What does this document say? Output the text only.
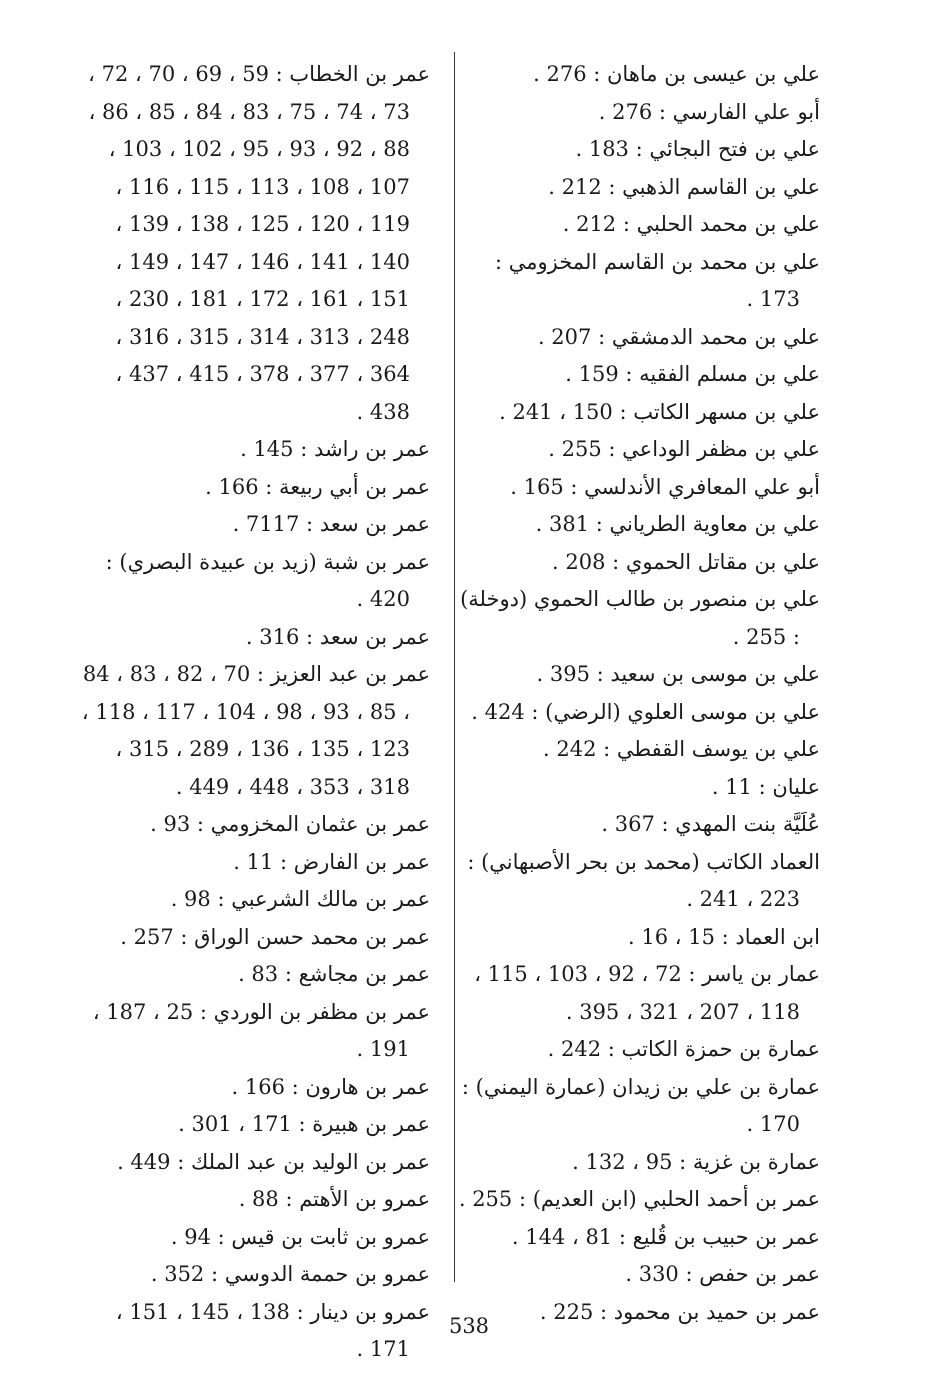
علي بن عيسى بن ماهان : 276 .
أبو علي الفارسي : 276 .
علي بن فتح البجائي : 183 .
علي بن القاسم الذهبي : 212 .
علي بن محمد الحلبي : 212 .
علي بن محمد بن القاسم المخزومي : 173 .
علي بن محمد الدمشقي : 207 .
علي بن مسلم الفقيه : 159 .
علي بن مسهر الكاتب : 150 ، 241 .
علي بن مظفر الوداعي : 255 .
أبو علي المعافري الأندلسي : 165 .
علي بن معاوية الطرياني : 381 .
علي بن مقاتل الحموي : 208 .
علي بن منصور بن طالب الحموي (دوخلة) : 255 .
علي بن موسى بن سعيد : 395 .
علي بن موسى العلوي (الرضي) : 424 .
علي بن يوسف القفطي : 242 .
عليان : 11 .
عُلَيَّة بنت المهدي : 367 .
العماد الكاتب (محمد بن بحر الأصبهاني) : 223 ، 241 .
ابن العماد : 15 ، 16 .
عمار بن ياسر : 72 ، 92 ، 103 ، 115 ، 118 ، 207 ، 321 ، 395 .
عمارة بن حمزة الكاتب : 242 .
عمارة بن علي بن زيدان (عمارة اليمني) : 170 .
عمارة بن غزية : 95 ، 132 .
عمر بن أحمد الحلبي (ابن العديم) : 255 .
عمر بن حبيب بن قُليع : 81 ، 144 .
عمر بن حفص : 330 .
عمر بن حميد بن محمود : 225 .
عمر بن الخطاب : 59 ، 69 ، 70 ، 72 ، 73 ، 74 ، 75 ، 83 ، 84 ، 85 ، 86 ، 88 ، 92 ، 93 ، 95 ، 102 ، 103 ، 107 ، 108 ، 113 ، 115 ، 116 ، 119 ، 120 ، 125 ، 138 ، 139 ، 140 ، 141 ، 146 ، 147 ، 149 ، 151 ، 161 ، 172 ، 181 ، 230 ، 248 ، 313 ، 314 ، 315 ، 316 ، 364 ، 377 ، 378 ، 415 ، 437 ، 438 .
عمر بن راشد : 145 .
عمر بن أبي ربيعة : 166 .
عمر بن سعد : 7117 .
عمر بن شبة (زيد بن عبيدة البصري) : 420 .
عمر بن سعد : 316 .
عمر بن عبد العزيز : 70 ، 82 ، 83 ، 84 ، 85 ، 93 ، 98 ، 104 ، 117 ، 118 ، 123 ، 135 ، 136 ، 289 ، 315 ، 318 ، 353 ، 448 ، 449 .
عمر بن عثمان المخزومي : 93 .
عمر بن الفارض : 11 .
عمر بن مالك الشرعبي : 98 .
عمر بن محمد حسن الوراق : 257 .
عمر بن مجاشع : 83 .
عمر بن مظفر بن الوردي : 25 ، 187 ، 191 .
عمر بن هارون : 166 .
عمر بن هبيرة : 171 ، 301 .
عمر بن الوليد بن عبد الملك : 449 .
عمرو بن الأهتم : 88 .
عمرو بن ثابت بن قيس : 94 .
عمرو بن حممة الدوسي : 352 .
عمرو بن دينار : 138 ، 145 ، 151 ، 171 .
538
